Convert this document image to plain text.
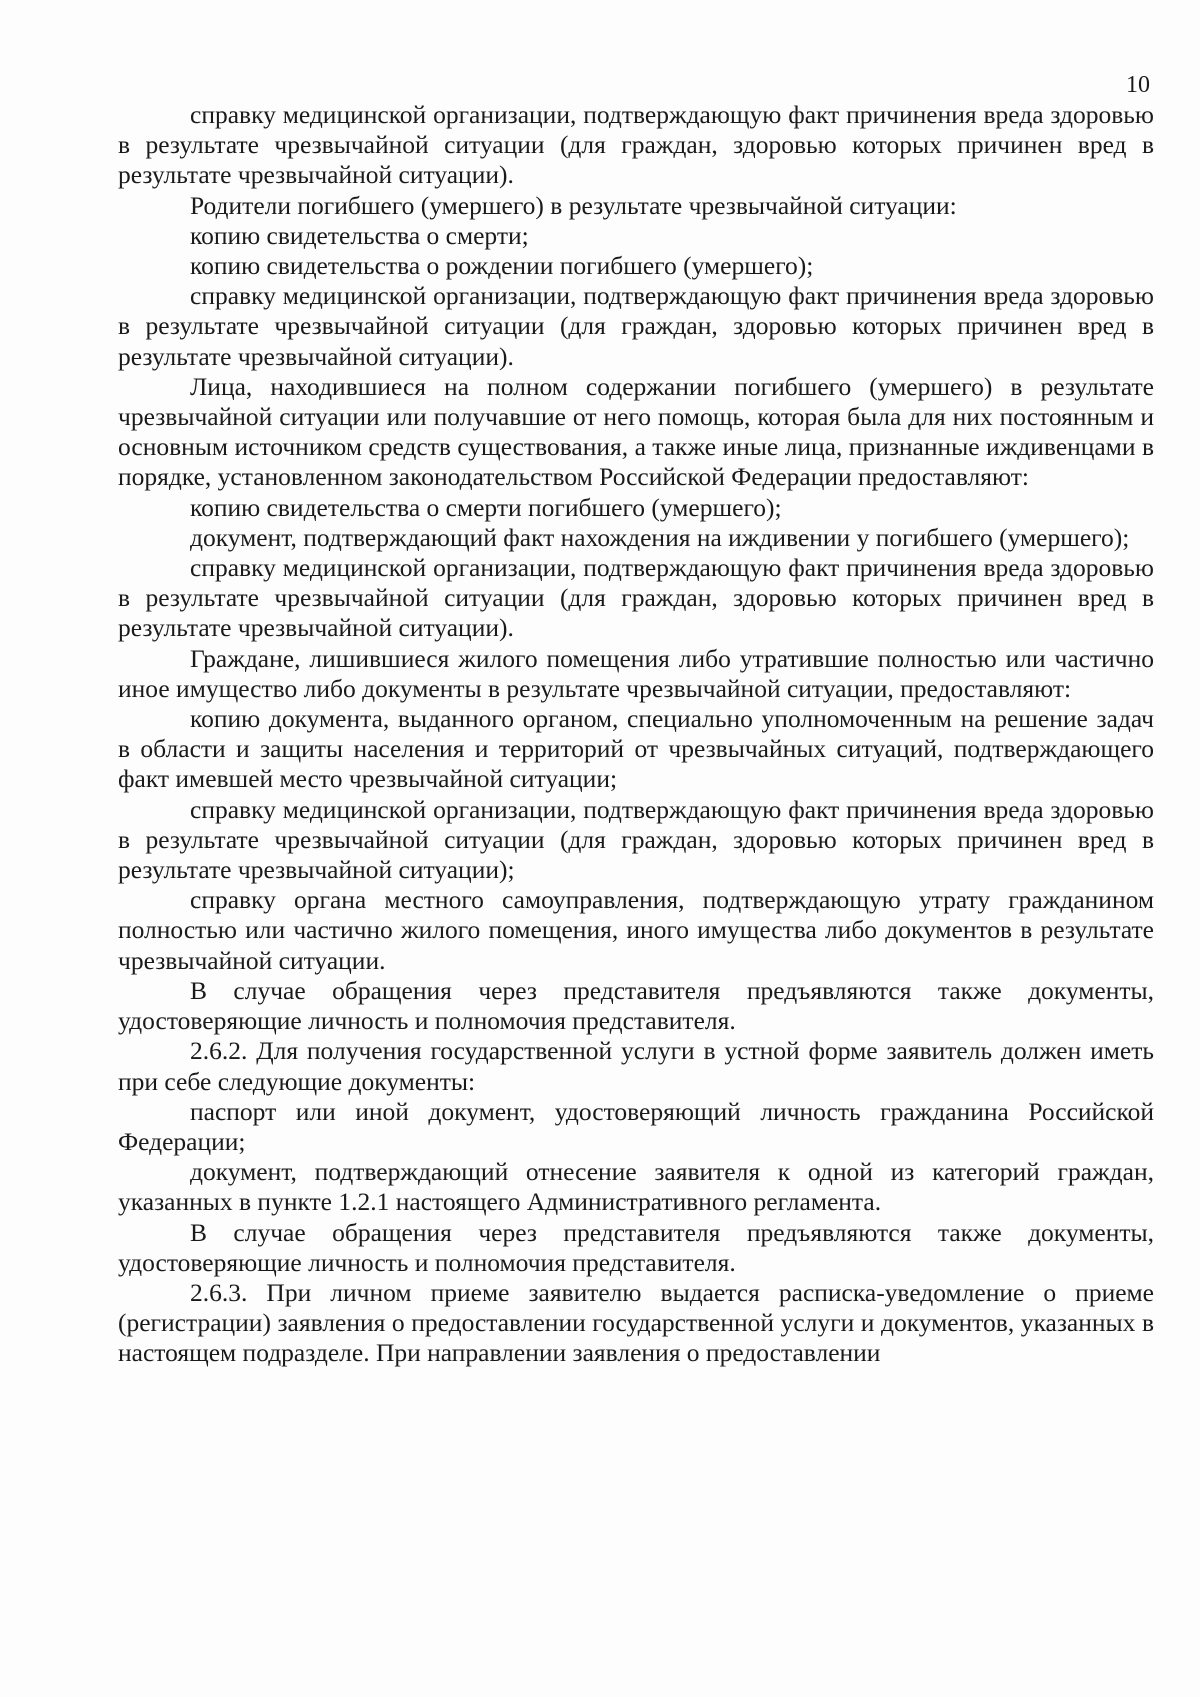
10

справку медицинской организации, подтверждающую факт причинения вреда здоровью в результате чрезвычайной ситуации (для граждан, здоровью которых причинен вред в результате чрезвычайной ситуации).

Родители погибшего (умершего) в результате чрезвычайной ситуации:

копию свидетельства о смерти;

копию свидетельства о рождении погибшего (умершего);

справку медицинской организации, подтверждающую факт причинения вреда здоровью в результате чрезвычайной ситуации (для граждан, здоровью которых причинен вред в результате чрезвычайной ситуации).

Лица, находившиеся на полном содержании погибшего (умершего) в результате чрезвычайной ситуации или получавшие от него помощь, которая была для них постоянным и основным источником средств существования, а также иные лица, признанные иждивенцами в порядке, установленном законодательством Российской Федерации предоставляют:

копию свидетельства о смерти погибшего (умершего);

документ, подтверждающий факт нахождения на иждивении у погибшего (умершего);

справку медицинской организации, подтверждающую факт причинения вреда здоровью в результате чрезвычайной ситуации (для граждан, здоровью которых причинен вред в результате чрезвычайной ситуации).

Граждане, лишившиеся жилого помещения либо утратившие полностью или частично иное имущество либо документы в результате чрезвычайной ситуации, предоставляют:

копию документа, выданного органом, специально уполномоченным на решение задач в области и защиты населения и территорий от чрезвычайных ситуаций, подтверждающего факт имевшей место чрезвычайной ситуации;

справку медицинской организации, подтверждающую факт причинения вреда здоровью в результате чрезвычайной ситуации (для граждан, здоровью которых причинен вред в результате чрезвычайной ситуации);

справку органа местного самоуправления, подтверждающую утрату гражданином полностью или частично жилого помещения, иного имущества либо документов в результате чрезвычайной ситуации.

В случае обращения через представителя предъявляются также документы, удостоверяющие личность и полномочия представителя.

2.6.2. Для получения государственной услуги в устной форме заявитель должен иметь при себе следующие документы:

паспорт или иной документ, удостоверяющий личность гражданина Российской Федерации;

документ, подтверждающий отнесение заявителя к одной из категорий граждан, указанных в пункте 1.2.1 настоящего Административного регламента.

В случае обращения через представителя предъявляются также документы, удостоверяющие личность и полномочия представителя.

2.6.3. При личном приеме заявителю выдается расписка-уведомление о приеме (регистрации) заявления о предоставлении государственной услуги и документов, указанных в настоящем подразделе. При направлении заявления о предоставлении
